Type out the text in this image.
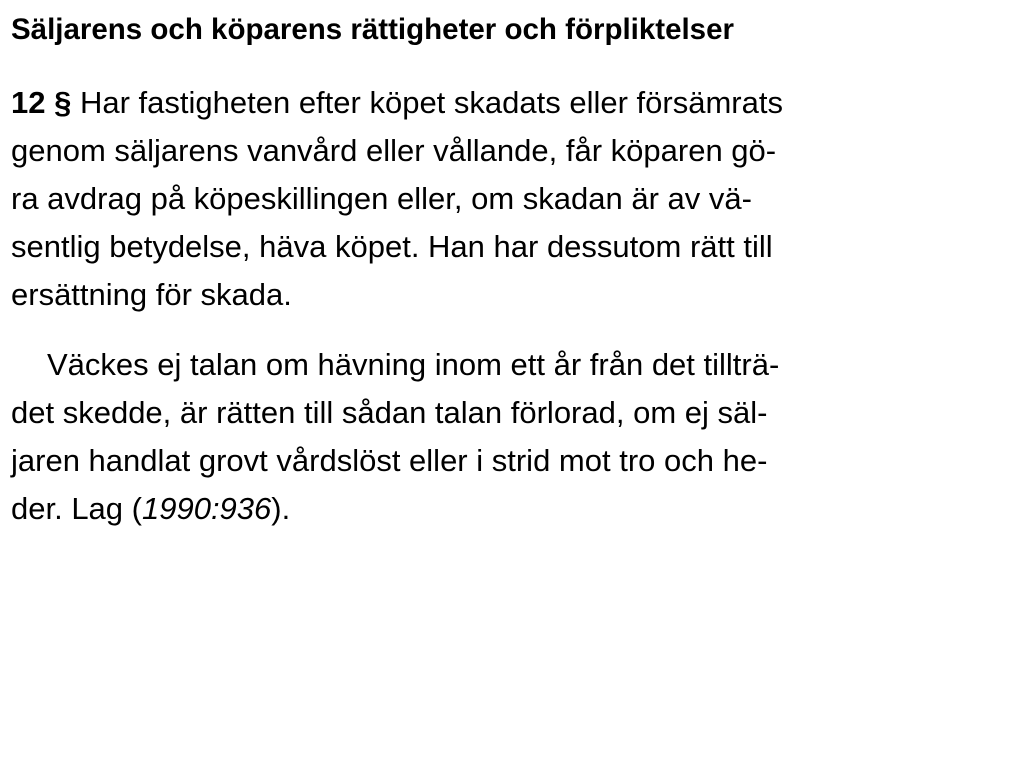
Säljarens och köparens rättigheter och förpliktelser

12 § Har fastigheten efter köpet skadats eller försämrats

genom säljarens vanvård eller vållande, får köparen gö-

ra avdrag på köpeskillingen eller, om skadan är av vä-

sentlig betydelse, häva köpet. Han har dessutom rätt till

ersättning för skada.

Väckes ej talan om hävning inom ett år från det tillträ-

det skedde, är rätten till sådan talan förlorad, om ej säl-

jaren handlat grovt vårdslöst eller i strid mot tro och he-

der. Lag (1990:936).
